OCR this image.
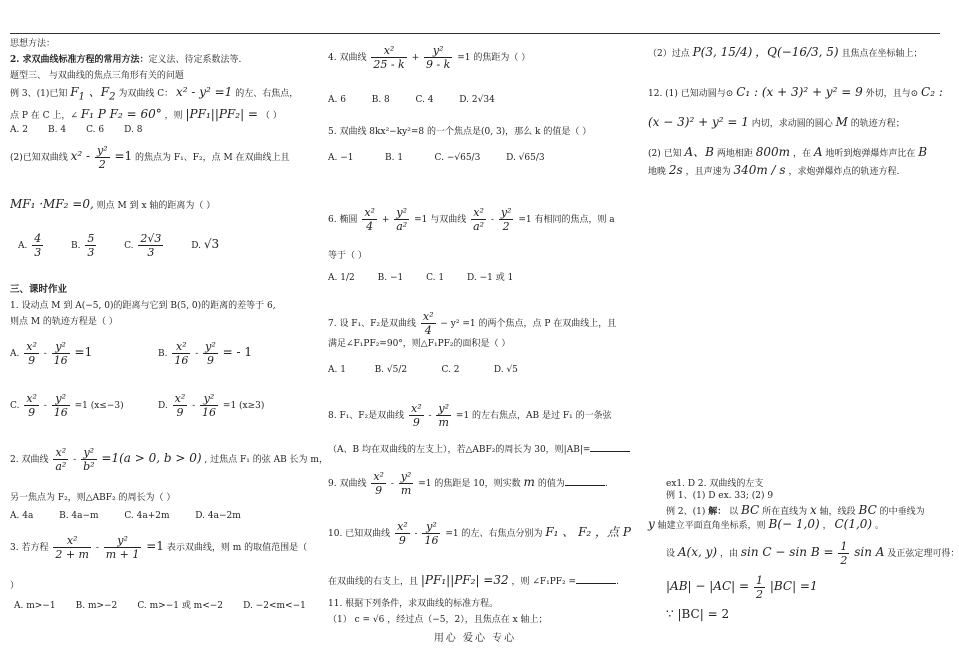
思想方法：
2. 求双曲线标准方程的常用方法：定义法、待定系数法等.
题型三、 与双曲线的焦点三角形有关的问题
例 3、(1)已知 $F_1$ 、$F_2$ 为双曲线 C： x² - y² =1 的左、右焦点，
点 P 在 C 上，∠ F₁ P F₂ = 60° ，则 |PF₁||PF₂| = （ ）
A. 2 B. 4 C. 6 D. 8
(2)已知双曲线 $x^2 - \frac{\text{y²}}{2} =1$ 的焦点为 F₁、F₂，点 M 在双曲线上且
MF₁ ·MF₂ =0, 则点 M 到 x 轴的距离为（ ）
A. $\frac{4}{3}$	B. $\frac{5}{3}$	C. $\frac{2√3}{3}$	D. √3
三、课时作业
1. 设动点 M 到 A(−5, 0)的距离与它到 B(5, 0)的距离的差等于 6,
则点 M 的轨迹方程是（ ）
A. $\frac{\text{x²}}{9} - \frac{\text{y²}}{16} =1$	B. $\frac{\text{x²}}{16} - \frac{\text{y²}}{9}$ = - 1
C. $\frac{\text{x²}}{9} - \frac{\text{y²}}{16} =1$ (x≤−3)	D. $\frac{\text{x²}}{9} - \frac{\text{y²}}{16} =1$ (x≥3)
2. 双曲线 $\frac{\text{x²}}{\text{a²}} - \frac{\text{y²}}{\text{b²}} =1(a > 0$, b > 0) , 过焦点 F₁ 的弦 AB 长为 m，
另一焦点为 F₂，则△ABF₂ 的周长为（ ）
A. 4a	B. 4a−m	C. 4a+2m	D. 4a−2m
3. 若方程 $\frac{\text{x²}}{2 + m} - \frac{\text{y²}}{m + 1} =1$ 表示双曲线，则 m 的取值范围是（
）
A. m>−1 B. m>−2 C. m>−1 或 m<−2 D. −2<m<−1
4. 双曲线 $\frac{\text{x²}}{25 - k} + \frac{\text{y²}}{9 - k} =1$ 的焦距为（ ）
A. 6	B. 8	C. 4	D. 2√34
5. 双曲线 8kx²−ky²=8 的一个焦点是(0, 3)，那么 k 的值是（ ）
A. −1	B. 1	C. −√65/3	D. √65/3
6. 椭圆 $\frac{\text{x²}}{4} + \frac{\text{y²}}{\text{a²}} =1$ 与双曲线 $\frac{\text{x²}}{\text{a²}} - \frac{\text{y²}}{2} =1$ 有相同的焦点，则 a
等于（ ）
A. 1/2	B. −1	C. 1	D. −1 或 1
7. 设 F₁、F₂是双曲线 $\frac{\text{x²}}{4} - y^2 =1$ 的两个焦点，点 P 在双曲线上，且
满足∠F₁PF₂=90°，则△F₁PF₂的面积是（ ）
A. 1	B. √5/2	C. 2	D. √5
8. F₁、F₂是双曲线 $\frac{\text{x²}}{9} - \frac{\text{y²}}{m} =1$ 的左右焦点，AB 是过 F₁ 的一条弦
（A、B 均在双曲线的左支上），若△ABF₂的周长为 30，则|AB|=
9. 双曲线 $\frac{\text{x²}}{9} - \frac{\text{y²}}{m} =1$ 的焦距是 10，则实数 m 的值为	.
10. 已知双曲线 $\frac{\text{x²}}{9} - \frac{\text{y²}}{16} =1$ 的左、右焦点分别为 F₁ 、 F₂ ，点 P
在双曲线的右支上，且 |PF₁||PF₂| =32 ，则 ∠F₁PF₂ =	.
11. 根据下列条件，求双曲线的标准方程。
（1） c = √6 ，经过点（−5，2），且焦点在 x 轴上；
（2）过点 P(3, 15/4) ，Q(−16/3, 5) 且焦点在坐标轴上；
12. (1) 已知动圆与⊙ C₁ : (x + 3)² + y² = 9 外切，且与⊙ C₂ :
(x − 3)² + y² = 1 内切，求动圆的圆心 M 的轨迹方程；
(2) 已知 A、B 两地相距 800m ，在 A 地听到炮弹爆炸声比在 B
地晚 2s ，且声速为 340m / s ，求炮弹爆炸点的轨迹方程.
ex1. D 2. 双曲线的左支
例 1、(1) D ex. 33; (2) 9
例 2、(1) 解： 以 BC 所在直线为 x 轴，线段 BC 的中垂线为
y 轴建立平面直角坐标系，则 B(− 1,0) ， C(1,0) 。
设 A(x, y) ，由 $\sin C - \sin B = \frac{1}{2}$ sin A 及正弦定理可得：
$|AB| - |AC| = \frac{1}{2} |BC| =1$
∵ |BC| = 2
用心 爱心 专心
